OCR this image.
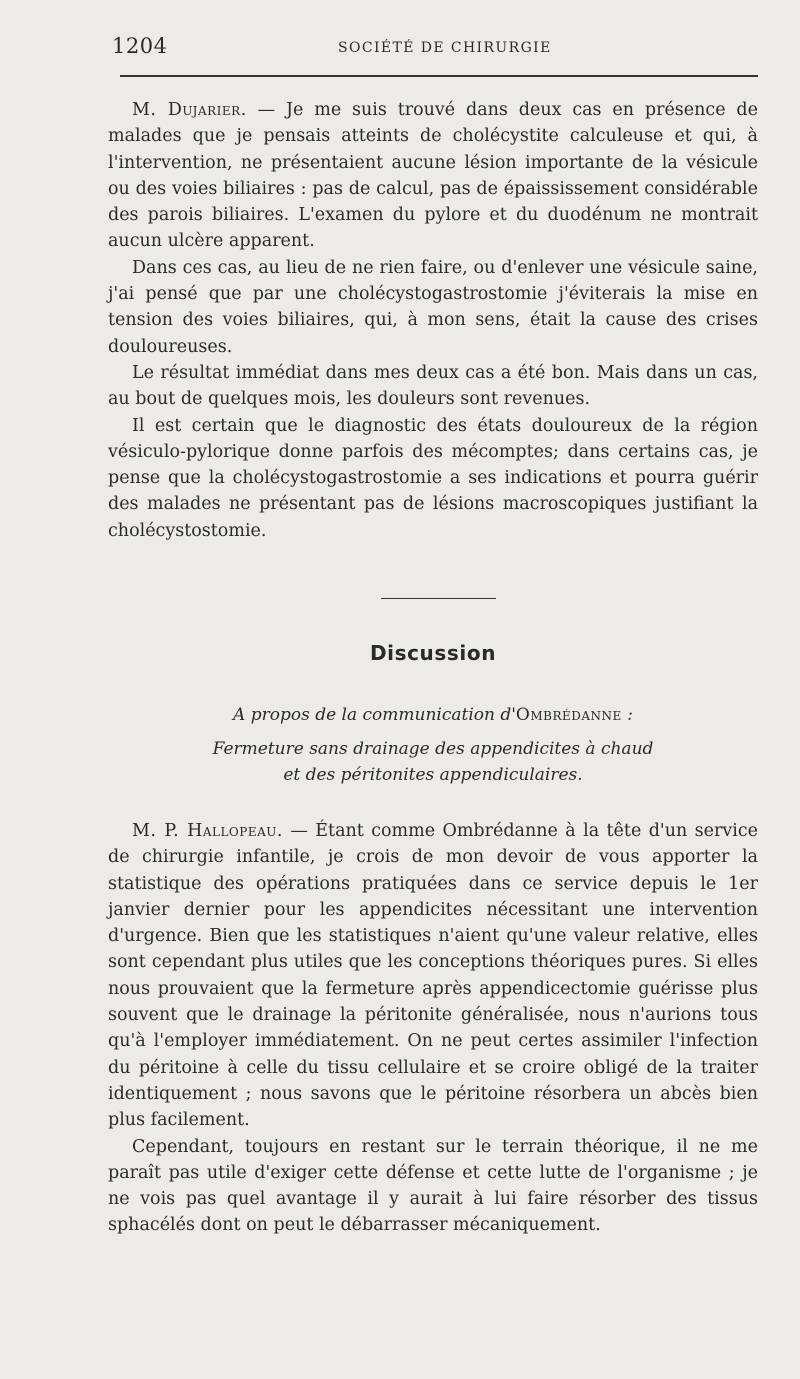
1204	SOCIÉTÉ DE CHIRURGIE

M. Dujarier. — Je me suis trouvé dans deux cas en présence de malades que je pensais atteints de cholécystite calculeuse et qui, à l'intervention, ne présentaient aucune lésion importante de la vésicule ou des voies biliaires : pas de calcul, pas de épaississement considérable des parois biliaires. L'examen du pylore et du duodénum ne montrait aucun ulcère apparent.

Dans ces cas, au lieu de ne rien faire, ou d'enlever une vésicule saine, j'ai pensé que par une cholécystogastrostomie j'éviterais la mise en tension des voies biliaires, qui, à mon sens, était la cause des crises douloureuses.

Le résultat immédiat dans mes deux cas a été bon. Mais dans un cas, au bout de quelques mois, les douleurs sont revenues.

Il est certain que le diagnostic des états douloureux de la région vésiculo-pylorique donne parfois des mécomptes; dans certains cas, je pense que la cholécystogastrostomie a ses indications et pourra guérir des malades ne présentant pas de lésions macroscopiques justifiant la cholécystostomie.

Discussion
A propos de la communication d'Ombrédanne :
Fermeture sans drainage des appendicites à chaud
et des péritonites appendiculaires.

M. P. Hallopeau. — Étant comme Ombrédanne à la tête d'un service de chirurgie infantile, je crois de mon devoir de vous apporter la statistique des opérations pratiquées dans ce service depuis le 1er janvier dernier pour les appendicites nécessitant une intervention d'urgence. Bien que les statistiques n'aient qu'une valeur relative, elles sont cependant plus utiles que les conceptions théoriques pures. Si elles nous prouvaient que la fermeture après appendicectomie guérisse plus souvent que le drainage la péritonite généralisée, nous n'aurions tous qu'à l'employer immédiatement. On ne peut certes assimiler l'infection du péritoine à celle du tissu cellulaire et se croire obligé de la traiter identiquement ; nous savons que le péritoine résorbera un abcès bien plus facilement.

Cependant, toujours en restant sur le terrain théorique, il ne me paraît pas utile d'exiger cette défense et cette lutte de l'organisme ; je ne vois pas quel avantage il y aurait à lui faire résorber des tissus sphacélés dont on peut le débarrasser mécaniquement.
